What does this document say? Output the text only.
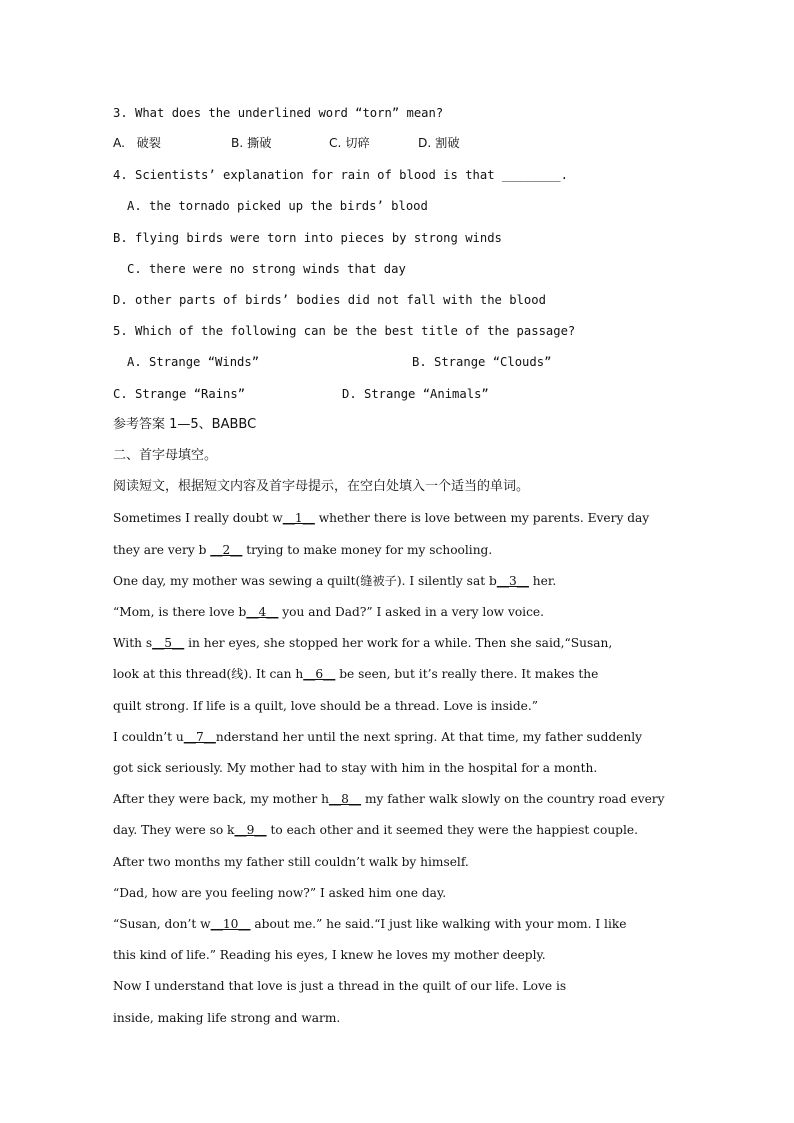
3. What does the underlined word “torn” mean?
A.   破裂	B. 撕破	C. 切碎	D. 割破
4. Scientists’ explanation for rain of blood is that ________.
A. the tornado picked up the birds’ blood
B. flying birds were torn into pieces by strong winds
C. there were no strong winds that day
D. other parts of birds’ bodies did not fall with the blood
5. Which of the following can be the best title of the passage?
A. Strange “Winds”	B. Strange “Clouds”
C. Strange “Rains”	D. Strange “Animals”
参考答案 1—5、BABBC
二、首字母填空。
阅读短文，根据短文内容及首字母提示，在空白处填入一个适当的单词。
Sometimes I really doubt w__1__ whether there is love between my parents. Every day
they are very b __2__ trying to make money for my schooling.
One day, my mother was sewing a quilt(缝被子). I silently sat b__3__ her.
“Mom, is there love b__4__ you and Dad?” I asked in a very low voice.
With s__5__ in her eyes, she stopped her work for a while. Then she said,“Susan,
look at this thread(线). It can h__6__ be seen, but it’s really there. It makes the
quilt strong. If life is a quilt, love should be a thread. Love is inside.”
I couldn’t u__7__nderstand her until the next spring. At that time, my father suddenly
got sick seriously. My mother had to stay with him in the hospital for a month.
After they were back, my mother h__8__ my father walk slowly on the country road every
day. They were so k__9__ to each other and it seemed they were the happiest couple.
After two months my father still couldn’t walk by himself.
“Dad, how are you feeling now?” I asked him one day.
“Susan, don’t w__10__ about me.” he said.“I just like walking with your mom. I like
this kind of life.” Reading his eyes, I knew he loves my mother deeply.
Now I understand that love is just a thread in the quilt of our life. Love is
inside, making life strong and warm.
